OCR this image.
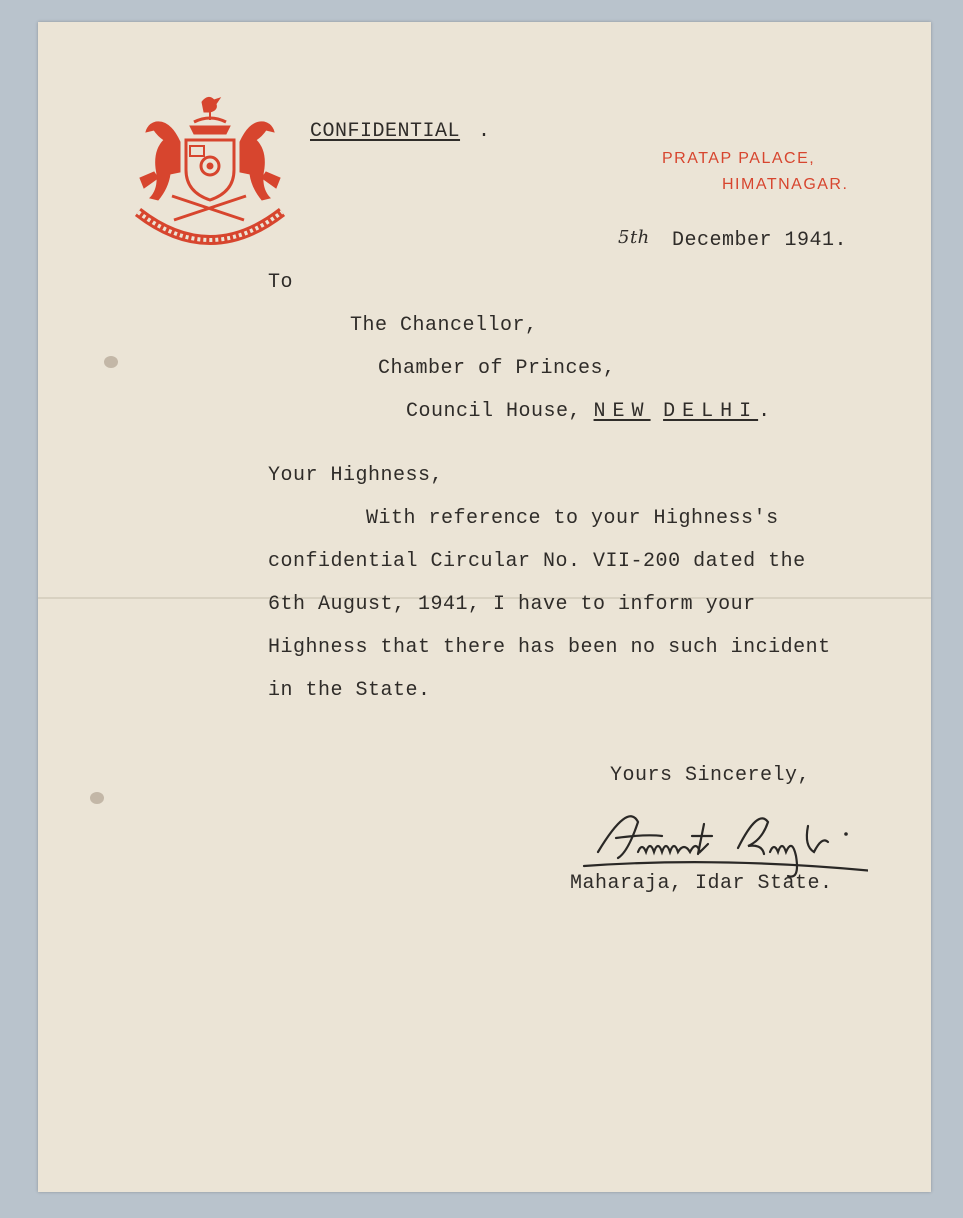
CONFIDENTIAL .
PRATAP PALACE,
HIMATNAGAR.
5th December 1941.
To
The Chancellor,
Chamber of Princes,
Council House, NEW DELHI.
Your Highness,
With reference to your Highness's
confidential Circular No. VII-200 dated the
6th August, 1941, I have to inform your
Highness that there has been no such incident
in the State.
Yours Sincerely,
Maharaja, Idar State.
